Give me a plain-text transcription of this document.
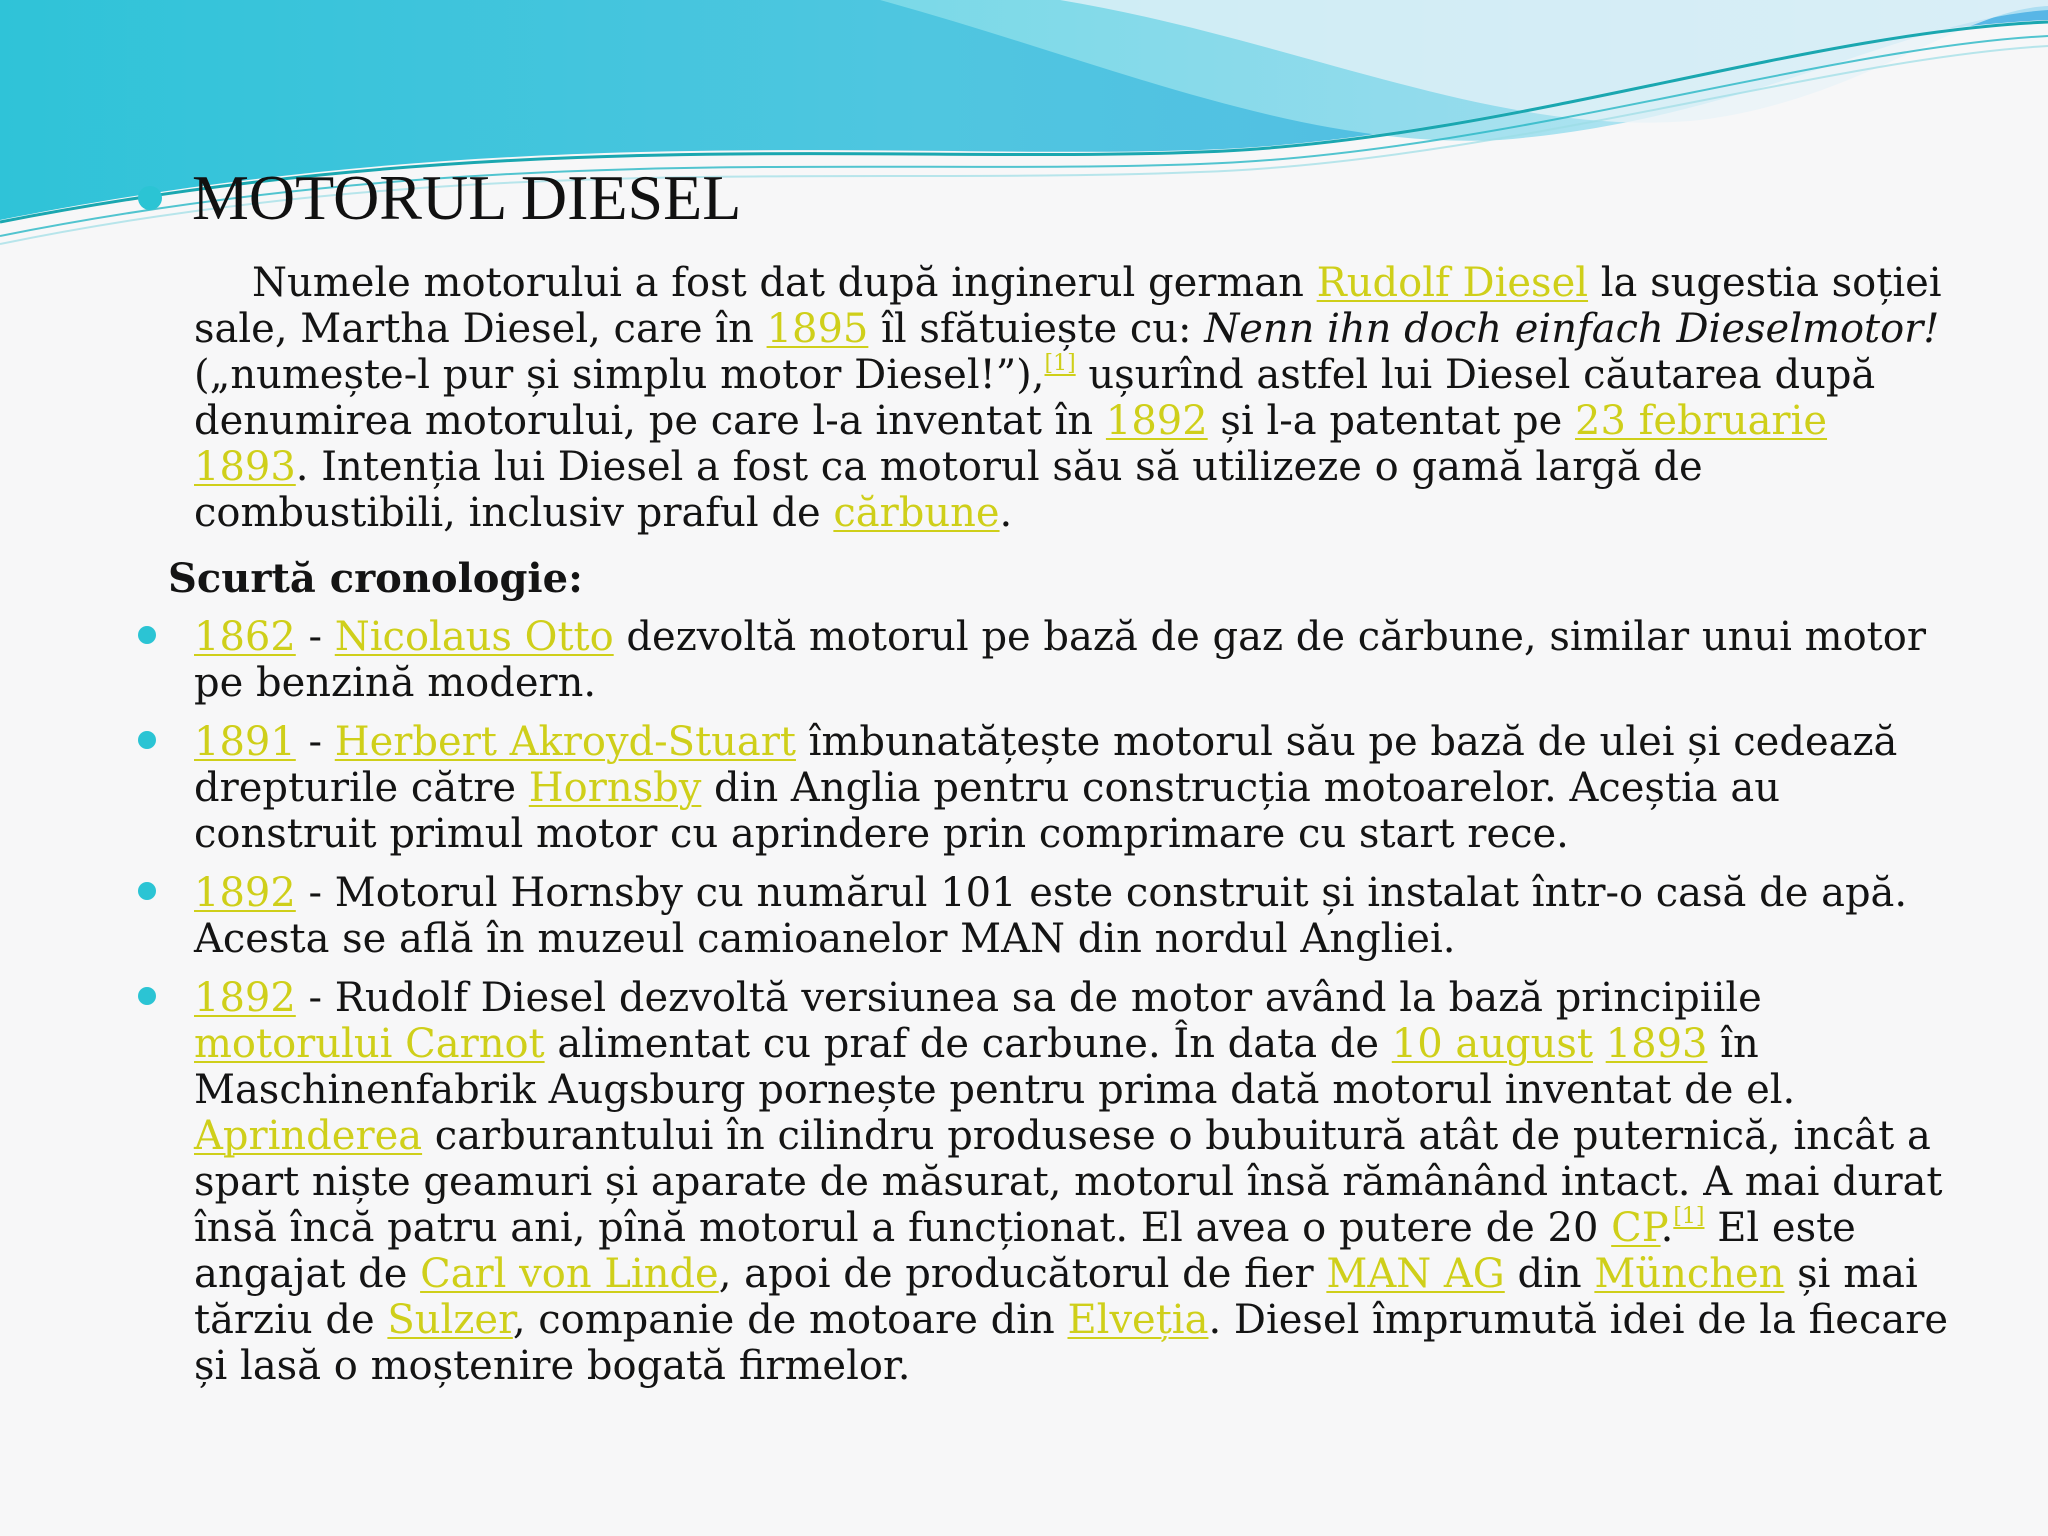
MOTORUL DIESEL

Numele motorului a fost dat după inginerul german Rudolf Diesel la sugestia soției sale, Martha Diesel, care în 1895 îl sfătuiește cu: Nenn ihn doch einfach Dieselmotor! („numește-l pur și simplu motor Diesel!”),[1] ușurînd astfel lui Diesel căutarea după denumirea motorului, pe care l-a inventat în 1892 și l-a patentat pe 23 februarie 1893. Intenția lui Diesel a fost ca motorul său să utilizeze o gamă largă de combustibili, inclusiv praful de cărbune.

Scurtă cronologie:

1862 - Nicolaus Otto dezvoltă motorul pe bază de gaz de cărbune, similar unui motor pe benzină modern.
1891 - Herbert Akroyd-Stuart îmbunatățește motorul său pe bază de ulei și cedează drepturile către Hornsby din Anglia pentru construcția motoarelor. Aceștia au construit primul motor cu aprindere prin comprimare cu start rece.
1892 - Motorul Hornsby cu numărul 101 este construit și instalat într-o casă de apă. Acesta se află în muzeul camioanelor MAN din nordul Angliei.
1892 - Rudolf Diesel dezvoltă versiunea sa de motor având la bază principiile motorului Carnot alimentat cu praf de carbune. În data de 10 august 1893 în Maschinenfabrik Augsburg pornește pentru prima dată motorul inventat de el. Aprinderea carburantului în cilindru produsese o bubuitură atât de puternică, incât a spart niște geamuri și aparate de măsurat, motorul însă rămânând intact. A mai durat însă încă patru ani, pînă motorul a funcționat. El avea o putere de 20 CP.[1] El este angajat de Carl von Linde, apoi de producătorul de fier MAN AG din München și mai tărziu de Sulzer, companie de motoare din Elveția. Diesel împrumută idei de la fiecare și lasă o moștenire bogată firmelor.
